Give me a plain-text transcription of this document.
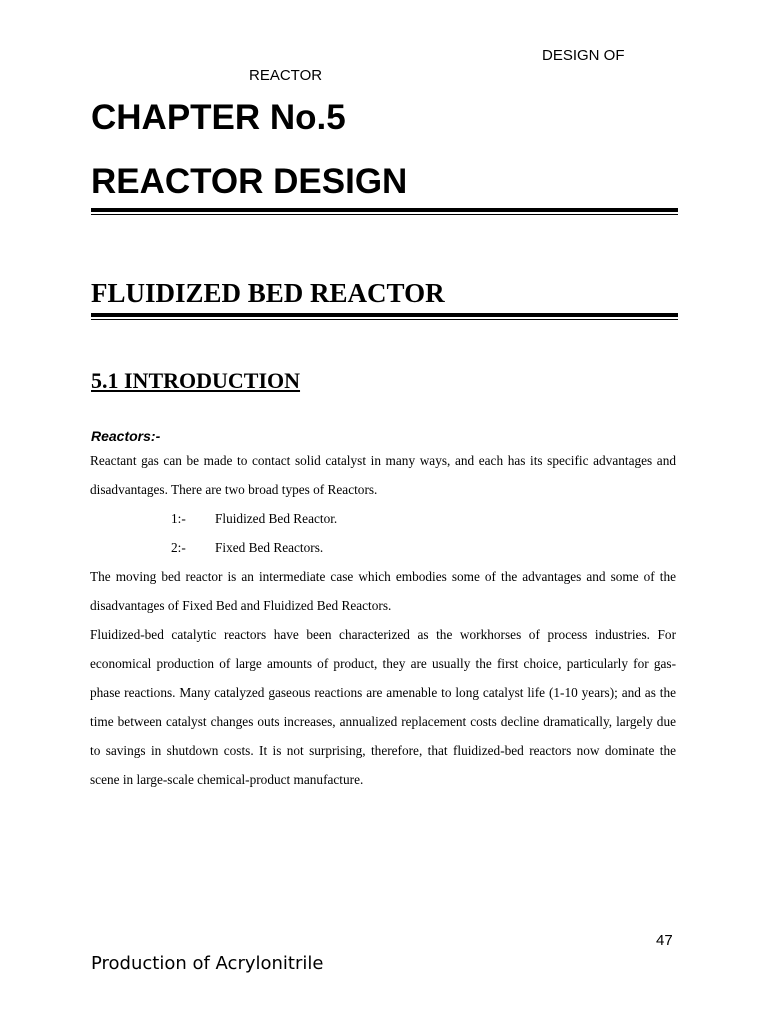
DESIGN OF
REACTOR
CHAPTER No.5
REACTOR DESIGN
FLUIDIZED BED REACTOR
5.1 INTRODUCTION
Reactors:-

Reactant gas can be made to contact solid catalyst in many ways, and each has its specific advantages and disadvantages. There are two broad types of Reactors.

1:- Fluidized Bed Reactor.
2:- Fixed Bed Reactors.

The moving bed reactor is an intermediate case which embodies some of the advantages and some of the disadvantages of Fixed Bed and Fluidized Bed Reactors.

Fluidized-bed catalytic reactors have been characterized as the workhorses of process industries. For economical production of large amounts of product, they are usually the first choice, particularly for gas-phase reactions. Many catalyzed gaseous reactions are amenable to long catalyst life (1-10 years); and as the time between catalyst changes outs increases, annualized replacement costs decline dramatically, largely due to savings in shutdown costs. It is not surprising, therefore, that fluidized-bed reactors now dominate the scene in large-scale chemical-product manufacture.

47
Production of Acrylonitrile
